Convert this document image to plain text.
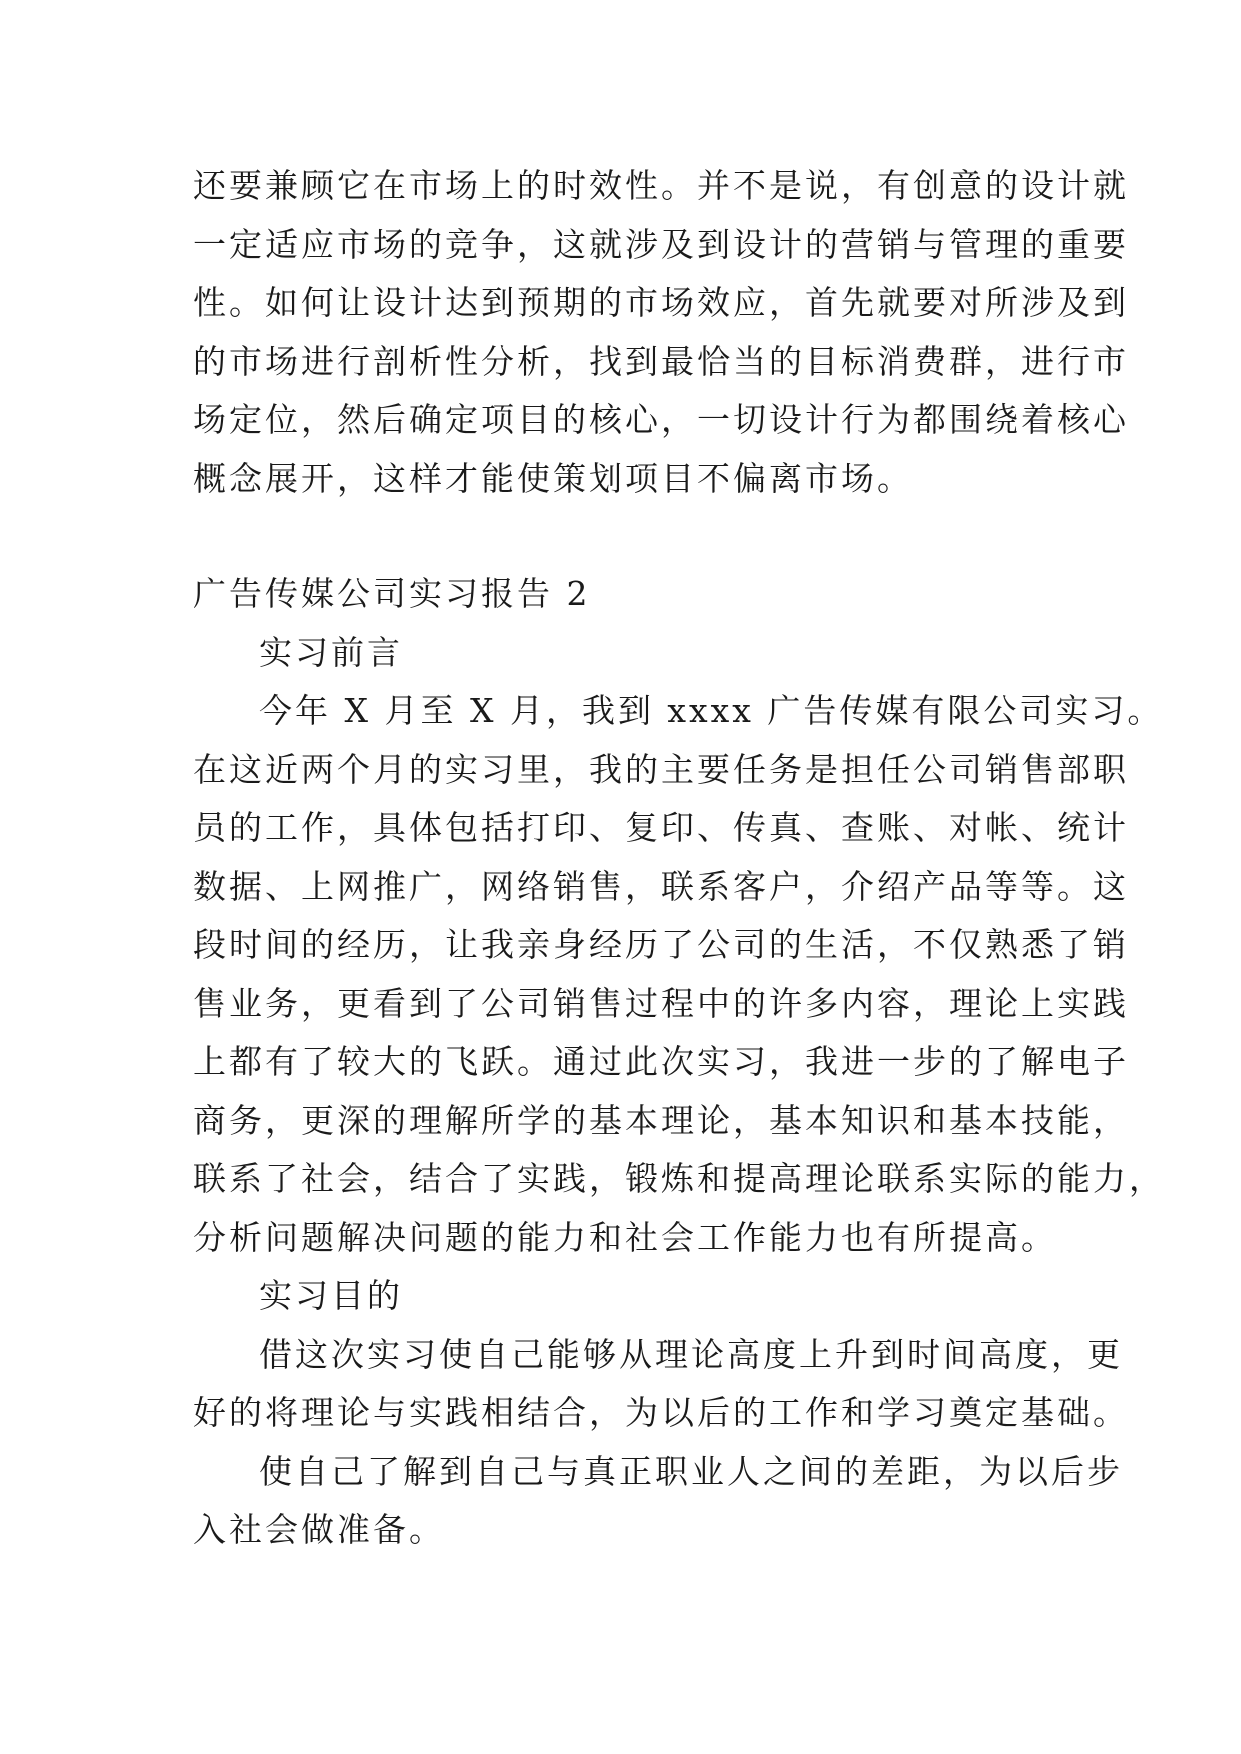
还要兼顾它在市场上的时效性。并不是说，有创意的设计就
一定适应市场的竞争，这就涉及到设计的营销与管理的重要
性。如何让设计达到预期的市场效应，首先就要对所涉及到
的市场进行剖析性分析，找到最恰当的目标消费群，进行市
场定位，然后确定项目的核心，一切设计行为都围绕着核心
概念展开，这样才能使策划项目不偏离市场。
广告传媒公司实习报告 2
实习前言
今年 X 月至 X 月，我到 xxxx 广告传媒有限公司实习。
在这近两个月的实习里，我的主要任务是担任公司销售部职
员的工作，具体包括打印、复印、传真、查账、对帐、统计
数据、上网推广，网络销售，联系客户，介绍产品等等。这
段时间的经历，让我亲身经历了公司的生活，不仅熟悉了销
售业务，更看到了公司销售过程中的许多内容，理论上实践
上都有了较大的飞跃。通过此次实习，我进一步的了解电子
商务，更深的理解所学的基本理论，基本知识和基本技能，
联系了社会，结合了实践，锻炼和提高理论联系实际的能力，
分析问题解决问题的能力和社会工作能力也有所提高。
实习目的
借这次实习使自己能够从理论高度上升到时间高度，更
好的将理论与实践相结合，为以后的工作和学习奠定基础。
使自己了解到自己与真正职业人之间的差距，为以后步
入社会做准备。
